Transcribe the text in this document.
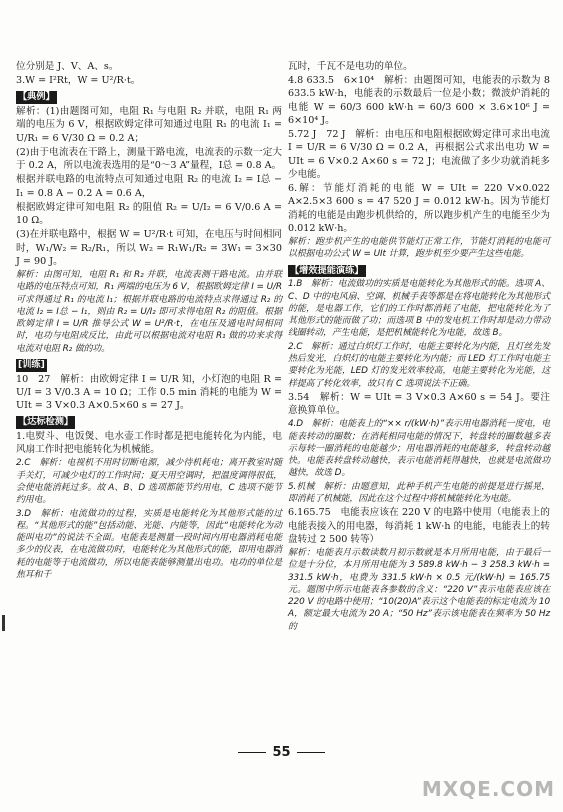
位分别是 J、V、A、s。

3.W = I²Rt，W = U²/R·t。

【典例】

解析：(1)由题图可知，电阻 R₁ 与电阻 R₂ 并联，电阻 R₁ 两端的电压为 6 V，根据欧姆定律可知通过电阻 R₁ 的电流 I₁ = U/R₁ = 6 V/30 Ω = 0.2 A；

(2)由于电流表在干路上，测量干路电流，电流表的示数一定大于 0.2 A，所以电流表选用的是“0～3 A”量程，I总 = 0.8 A。

根据并联电路的电流特点可知通过电阻 R₂ 的电流 I₂ = I总 − I₁ = 0.8 A − 0.2 A = 0.6 A，

根据欧姆定律可知电阻 R₂ 的阻值 R₂ = U/I₂ = 6 V/0.6 A = 10 Ω。

(3)在并联电路中，根据 W = U²/R·t 可知，在电压与时间相同时，W₁/W₂ = R₂/R₁，所以 W₂ = R₁W₁/R₂ = 3W₁ = 3×30 J = 90 J。

解析：由图可知，电阻 R₁ 和 R₂ 并联，电流表测干路电流。由并联电路的电压特点可知，R₁ 两端的电压为 6 V，根据欧姆定律 I = U/R 可求得通过 R₁ 的电流 I₁；根据并联电路的电流特点求得通过 R₂ 的电流 I₂ = I总 − I₁，则由 R₂ = U/I₂ 即可求得电阻 R₂ 的阻值。根据欧姆定律 I = U/R 推导公式 W = U²/R·t，在电压及通电时间相同时，电功与电阻成反比，由此可以根据电流对电阻 R₁ 做的功来求得电流对电阻 R₂ 做的功。

[训练]

10　27　解析：由欧姆定律 I = U/R 知，小灯泡的电阻 R = U/I = 3 V/0.3 A = 10 Ω；工作 0.5 min 消耗的电能为 W = UIt = 3 V×0.3 A×0.5×60 s = 27 J。

【达标检测】

1.电熨斗、电饭煲、电水壶工作时都是把电能转化为内能，电风扇工作时把电能转化为机械能。

2.C　解析：电视机不用时切断电源，减少待机耗电；离开教室时随手关灯，可减少电灯的工作时间；夏天用空调时，把温度调得很低，会使电能消耗过多。故 A、B、D 选项都能节约用电，C 选项不能节约用电。

3.D　解析：电流做功的过程，实质是电能转化为其他形式能的过程。“其他形式的能”包括动能、光能、内能等，因此“电能转化为动能叫电功”的说法不全面。电能表是测量一段时间内用电器消耗电能多少的仪表，在电流做功时，电能转化为其他形式的能，即用电器消耗的电能等于电流做功，所以电能表能够测量出电功。电功的单位是焦耳和千

瓦时，千瓦不是电功的单位。

4.8 633.5　6×10⁴　解析：由题图可知，电能表的示数为 8 633.5 kW·h，电能表的示数最后一位是小数；微波炉消耗的电能 W = 60/3 600 kW·h = 60/3 600 × 3.6×10⁶ J = 6×10⁴ J。

5.72 J　72 J　解析：由电压和电阻根据欧姆定律可求出电流 I = U/R = 6 V/30 Ω = 0.2 A，再根据公式求出电功 W = UIt = 6 V×0.2 A×60 s = 72 J；电流做了多少功就消耗多少电能。

6.解：节能灯消耗的电能 W = UIt = 220 V×0.022 A×2.5×3 600 s = 47 520 J = 0.012 kW·h。因为节能灯消耗的电能是由跑步机供给的，所以跑步机产生的电能至少为 0.012 kW·h。

解析：跑步机产生的电能供节能灯正常工作，节能灯消耗的电能可以根据电功公式 W = UIt 计算，跑步机至少要产生这些电能。

【增效提能演练】

1.B　解析：电流做功的实质是电能转化为其他形式的能。选项 A、C、D 中的电风扇、空调、机械手表等都是在将电能转化为其他形式的能，是电器工作，它们的工作时都消耗了电能，把电能转化为了其他形式的能而做了功；而选项 B 中的发电机工作时却是动力带动线圈转动，产生电能，是把机械能转化为电能，故选 B。

2.C　解析：通过白炽灯工作时，电能主要转化为内能，且灯丝先发热后发光，白炽灯的电能主要转化为内能；而 LED 灯工作时电能主要转化为光能，LED 灯的发光效率较高，电能主要转化为光能，这样提高了转化效率，故只有 C 选项说法不正确。

3.54　解析：W = UIt = 3 V×0.3 A×60 s = 54 J。要注意换算单位。

4.D　解析：电能表上的“×× r/(kW·h)”表示用电器消耗一度电，电能表转动的圈数；在消耗相同电能的情况下，转盘转的圈数越多表示每转一圈消耗的电能越少；用电器消耗的电能越多，转盘转动越快。电能表转盘转动越快，表示电能消耗得越快，也就是电流做功越快，故选 D。

5.机械　解析：由题意知，此种手机产生电能的前提是进行摇晃，即消耗了机械能，因此在这个过程中将机械能转化为电能。

6.165.75　电能表应该在 220 V 的电路中使用（电能表上的电能表接入的用电器，每消耗 1 kW·h 的电能，电能表上的转盘转过 2 500 转等）

解析：电能表月示数读数月初示数就是本月所用电能，由于最后一位是十分位，本月所用电能为 3 589.8 kW·h − 3 258.3 kW·h = 331.5 kW·h，电费为 331.5 kW·h × 0.5 元/(kW·h) = 165.75 元。题图中所示电能表各参数的含义：“220 V”表示电能表应该在 220 V 的电路中使用；“10(20)A”表示这个电能表的标定电流为 10 A，额定最大电流为 20 A；“50 Hz”表示该电能表在频率为 50 Hz 的

55
MXQE.COM
